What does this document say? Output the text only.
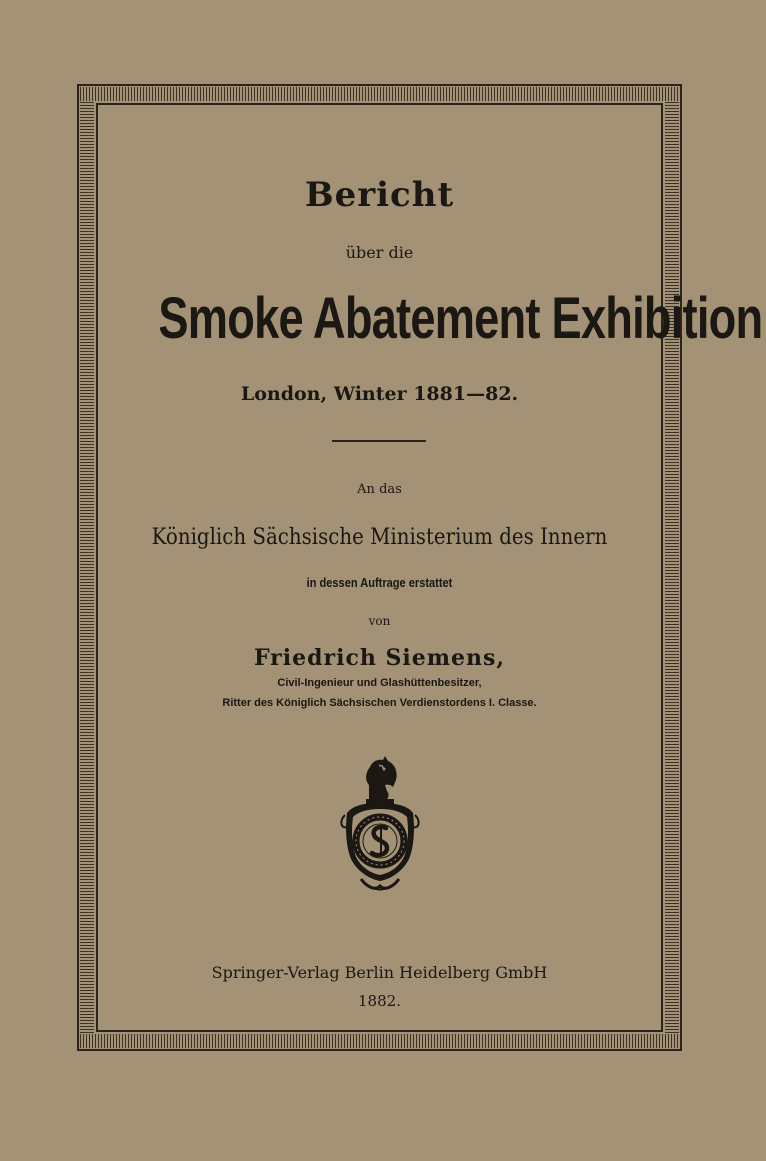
Bericht
über die
Smoke Abatement Exhibition
London, Winter 1881—82.
An das
Königlich Sächsische Ministerium des Innern
in dessen Auftrage erstattet
von
Friedrich Siemens,
Civil-Ingenieur und Glashüttenbesitzer,
Ritter des Königlich Sächsischen Verdienstordens I. Classe.
Springer-Verlag Berlin Heidelberg GmbH
1882.
